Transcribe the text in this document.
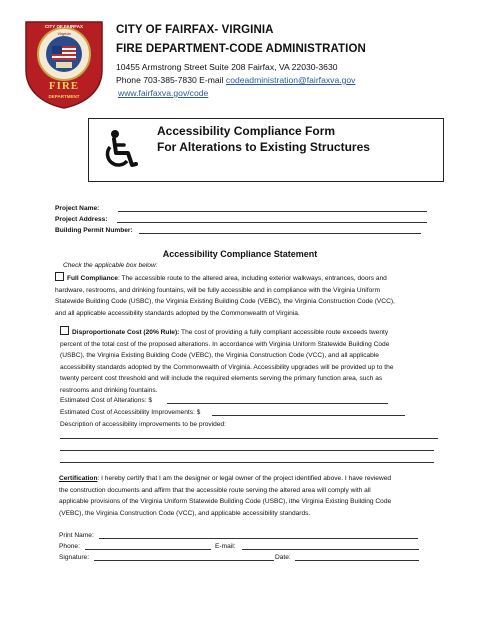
CITY OF FAIRFAX
Virginia
FIRE
DEPARTMENT
CITY OF FAIRFAX- VIRGINIA
FIRE DEPARTMENT-CODE ADMINISTRATION
10455 Armstrong Street Suite 208 Fairfax, VA 22030-3630
Phone 703-385-7830 E-mail codeadministration@fairfaxva.gov
www.fairfaxva.gov/code
Accessibility Compliance Form
For Alterations to Existing Structures
Project Name:
Project Address:
Building Permit Number:
Accessibility Compliance Statement
Check the applicable box below:
Full Compliance: The accessible route to the altered area, including exterior walkways, entrances, doors and
hardware, restrooms, and drinking fountains, will be fully accessible and in compliance with the Virginia Uniform
Statewide Building Code (USBC), the Virginia Existing Building Code (VEBC), the Virginia Construction Code (VCC),
and all applicable accessibility standards adopted by the Commonwealth of Virginia.
Disproportionate Cost (20% Rule): The cost of providing a fully compliant accessible route exceeds twenty
percent of the total cost of the proposed alterations. In accordance with Virginia Uniform Statewide Building Code
(USBC), the Virginia Existing Building Code (VEBC), the Virginia Construction Code (VCC), and all applicable
accessibility standards adopted by the Commonwealth of Virginia. Accessibility upgrades will be provided up to the
twenty percent cost threshold and will include the required elements serving the primary function area, such as
restrooms and drinking fountains.
Estimated Cost of Alterations: $
Estimated Cost of Accessibility Improvements: $
Description of accessibility improvements to be provided:
Certification: I hereby certify that I am the designer or legal owner of the project identified above. I have reviewed
the construction documents and affirm that the accessible route serving the altered area will comply with all
applicable provisions of the Virginia Uniform Statewide Building Code (USBC), ithe Virginia Existing Building Code
(VEBC), the Virginia Construction Code (VCC), and applicable accessibility standards.
Print Name:
Phone:	E-mail:
Signature:	Date:
